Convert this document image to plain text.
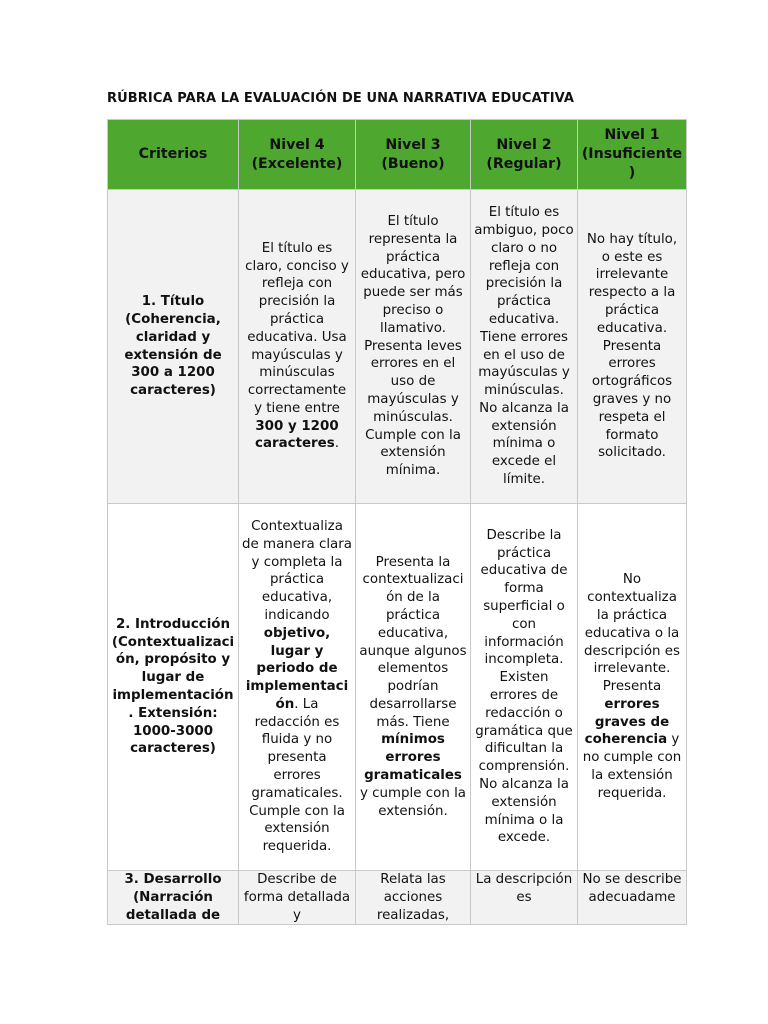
RÚBRICA PARA LA EVALUACIÓN DE UNA NARRATIVA EDUCATIVA
Criterios	Nivel 4 (Excelente)	Nivel 3 (Bueno)	Nivel 2 (Regular)	Nivel 1 (Insuficiente)
1. Título (Coherencia, claridad y extensión de 300 a 1200 caracteres)	El título es claro, conciso y refleja con precisión la práctica educativa. Usa mayúsculas y minúsculas correctamente y tiene entre 300 y 1200 caracteres.	El título representa la práctica educativa, pero puede ser más preciso o llamativo. Presenta leves errores en el uso de mayúsculas y minúsculas. Cumple con la extensión mínima.	El título es ambiguo, poco claro o no refleja con precisión la práctica educativa. Tiene errores en el uso de mayúsculas y minúsculas. No alcanza la extensión mínima o excede el límite.	No hay título, o este es irrelevante respecto a la práctica educativa. Presenta errores ortográficos graves y no respeta el formato solicitado.
2. Introducción (Contextualización, propósito y lugar de implementación. Extensión: 1000-3000 caracteres)	Contextualiza de manera clara y completa la práctica educativa, indicando objetivo, lugar y periodo de implementación. La redacción es fluida y no presenta errores gramaticales. Cumple con la extensión requerida.	Presenta la contextualización de la práctica educativa, aunque algunos elementos podrían desarrollarse más. Tiene mínimos errores gramaticales y cumple con la extensión.	Describe la práctica educativa de forma superficial o con información incompleta. Existen errores de redacción o gramática que dificultan la comprensión. No alcanza la extensión mínima o la excede.	No contextualiza la práctica educativa o la descripción es irrelevante. Presenta errores graves de coherencia y no cumple con la extensión requerida.
3. Desarrollo (Narración detallada de	Describe de forma detallada y	Relata las acciones realizadas,	La descripción es	No se describe adecuadame
